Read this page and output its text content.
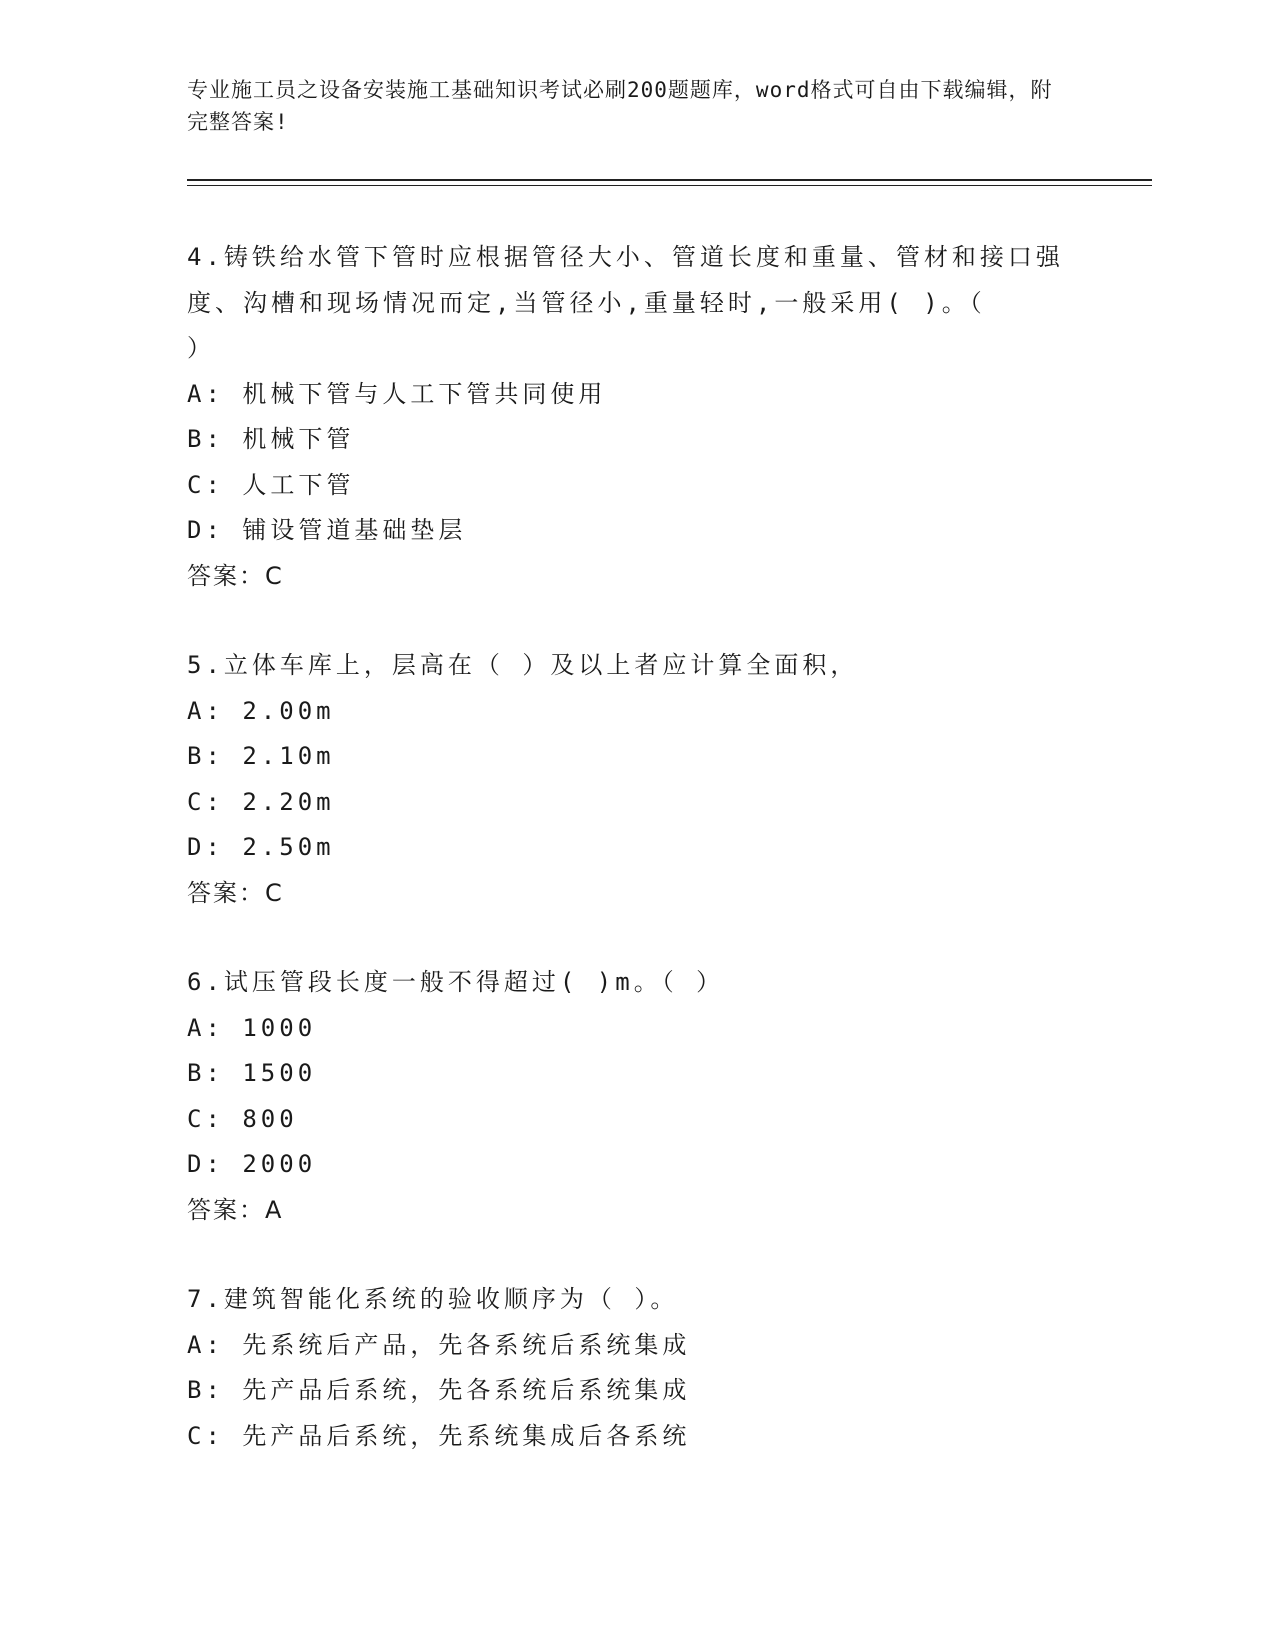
专业施工员之设备安装施工基础知识考试必刷200题题库，word格式可自由下载编辑，附完整答案!
4.铸铁给水管下管时应根据管径大小、管道长度和重量、管材和接口强度、沟槽和现场情况而定,当管径小,重量轻时,一般采用( )。（
）
A: 机械下管与人工下管共同使用
B: 机械下管
C: 人工下管
D: 铺设管道基础垫层
答案：C
5.立体车库上，层高在（ ）及以上者应计算全面积，
A: 2.00m
B: 2.10m
C: 2.20m
D: 2.50m
答案：C
6.试压管段长度一般不得超过( )m。（ ）
A: 1000
B: 1500
C: 800
D: 2000
答案：A
7.建筑智能化系统的验收顺序为（ ）。
A: 先系统后产品，先各系统后系统集成
B: 先产品后系统，先各系统后系统集成
C: 先产品后系统，先系统集成后各系统
